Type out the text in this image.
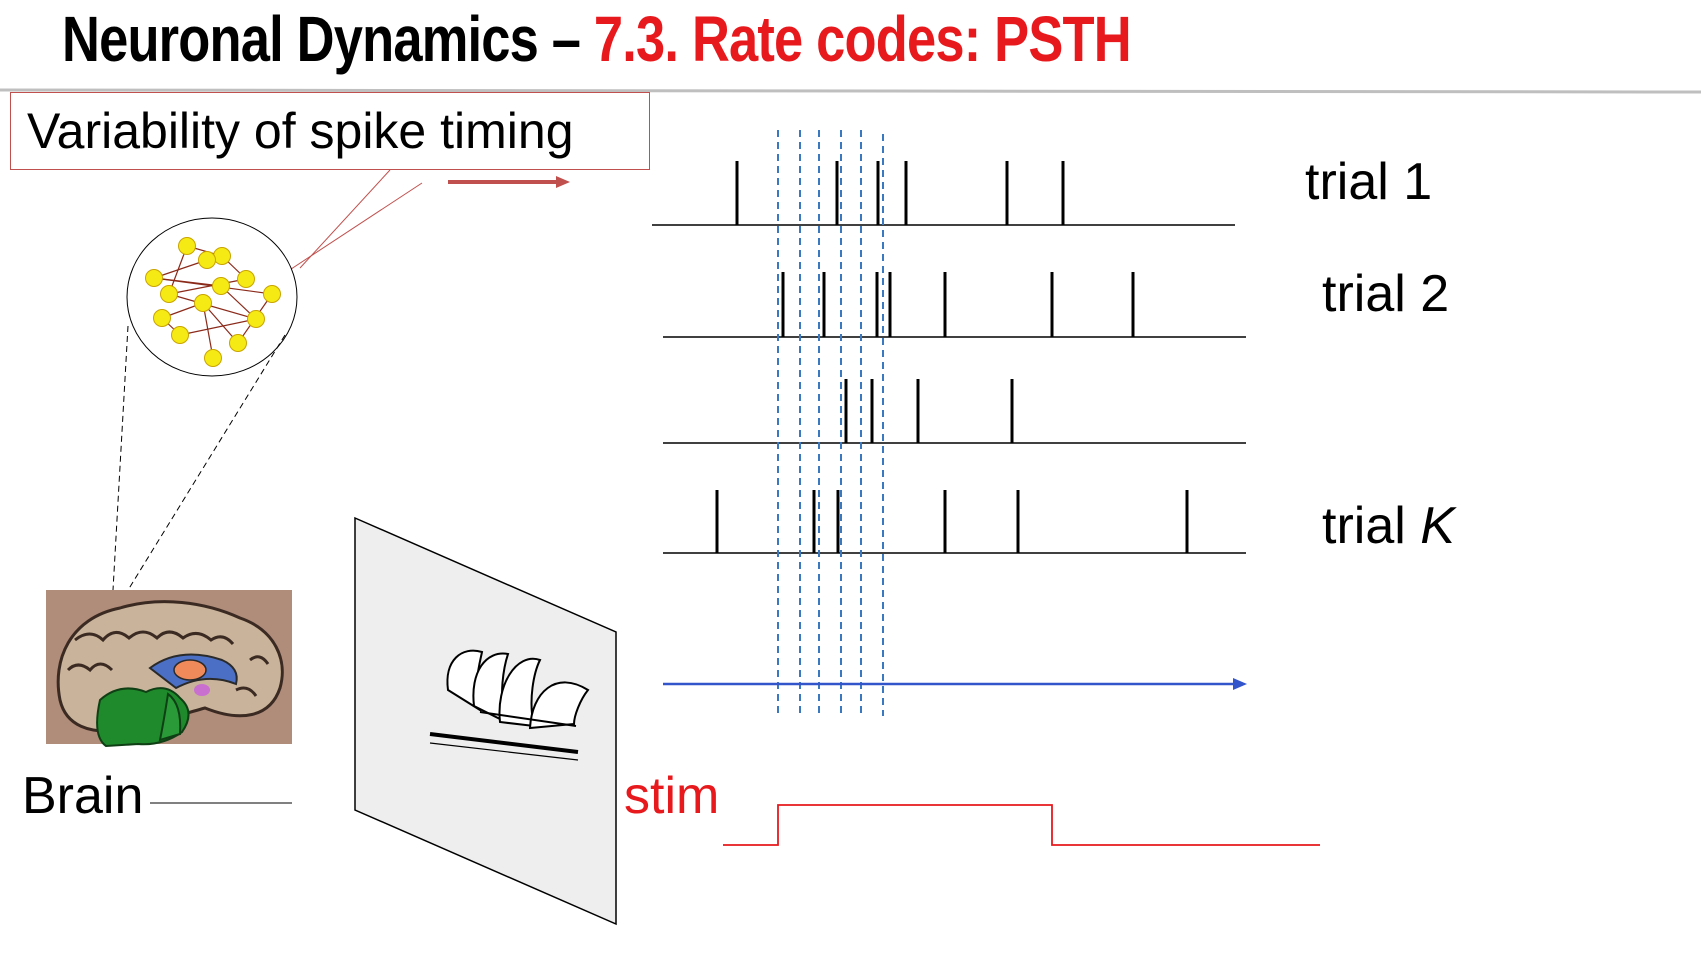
Neuronal Dynamics – 7.3. Rate codes: PSTH
Variability of spike timing
trial 1
trial 2
trial K
Brain	stim
